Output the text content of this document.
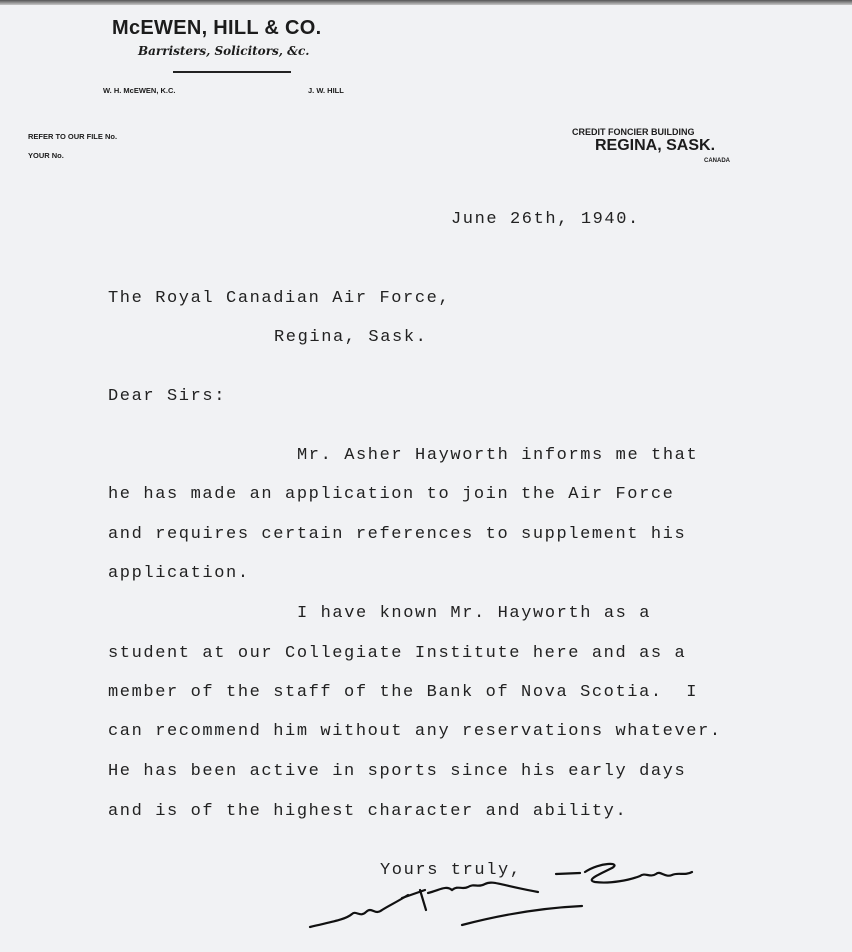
McEWEN, HILL & CO.
Barristers, Solicitors, &c.
W. H. McEWEN, K.C.	J. W. HILL
REFER TO OUR FILE No.
YOUR No.
CREDIT FONCIER BUILDING
REGINA, SASK.
CANADA
June 26th, 1940.
The Royal Canadian Air Force,
Regina, Sask.
Dear Sirs:
Mr. Asher Hayworth informs me that
he has made an application to join the Air Force
and requires certain references to supplement his
application.
I have known Mr. Hayworth as a
student at our Collegiate Institute here and as a
member of the staff of the Bank of Nova Scotia.  I
can recommend him without any reservations whatever.
He has been active in sports since his early days
and is of the highest character and ability.
Yours truly,
